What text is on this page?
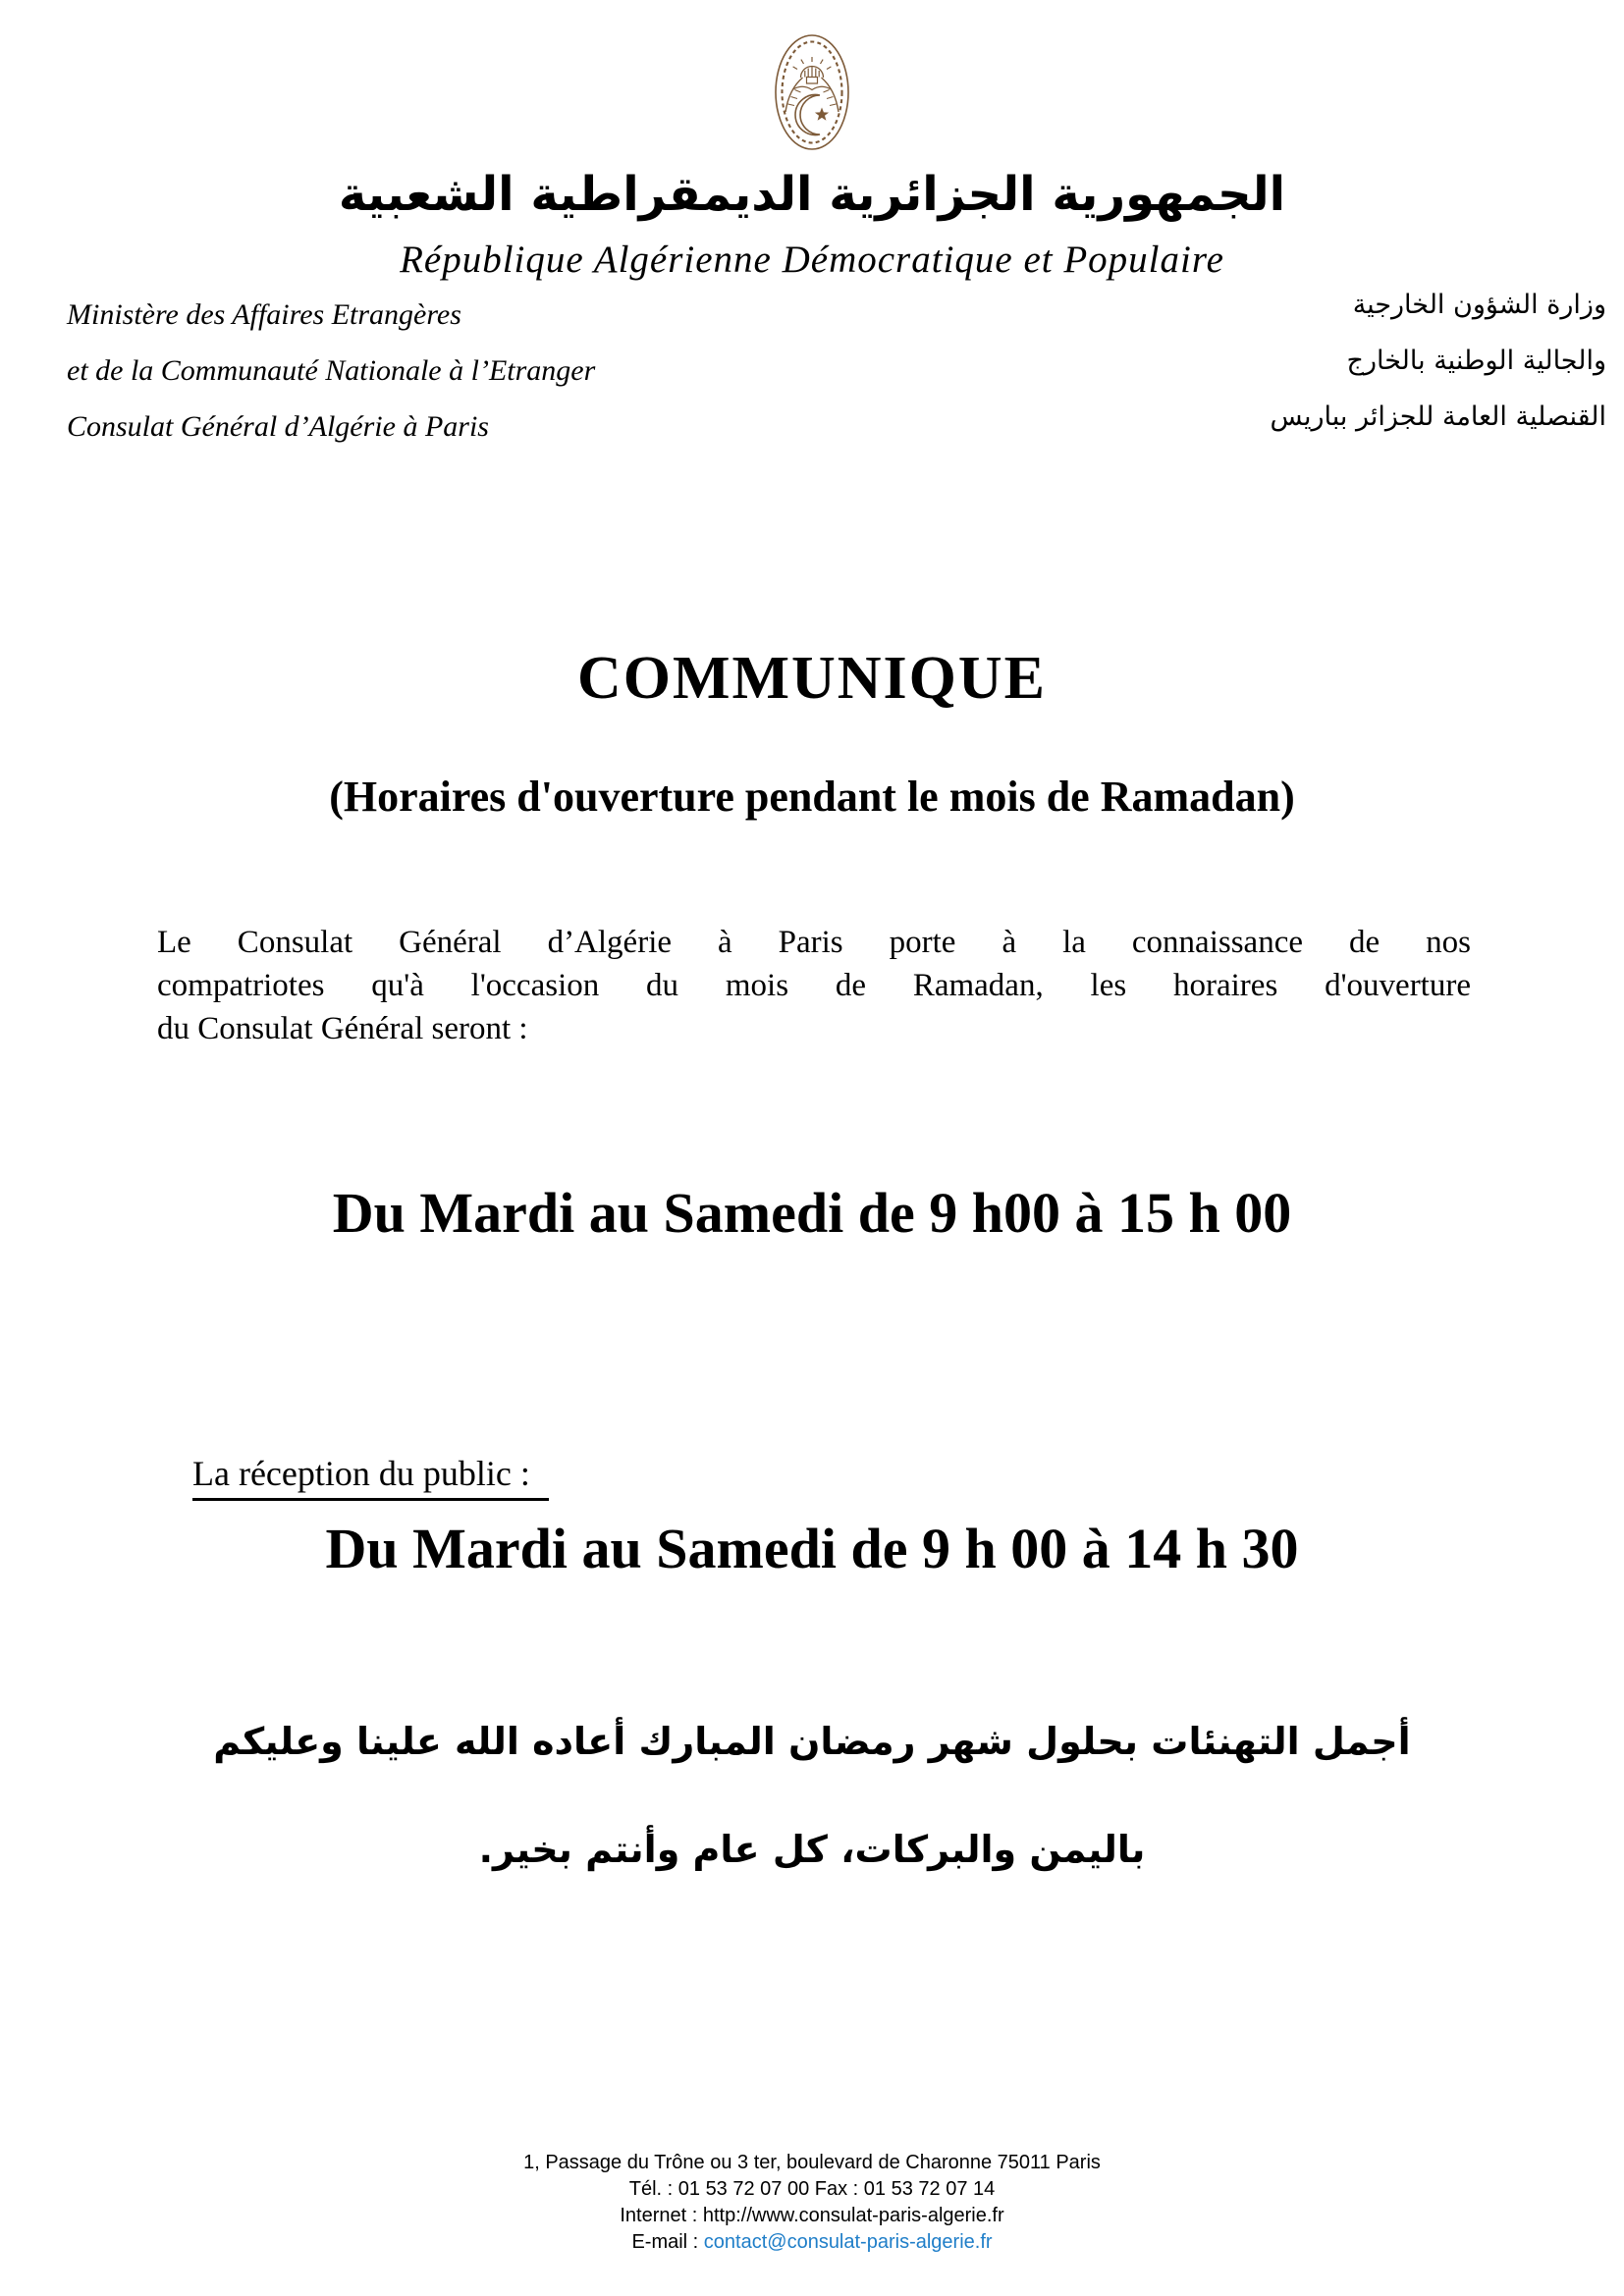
الجمهورية الجزائرية الديمقراطية الشعبية
République Algérienne Démocratique et Populaire
Ministère des Affaires Etrangères
et de la Communauté Nationale à l’Etranger
Consulat Général d’Algérie à Paris
وزارة الشؤون الخارجية
والجالية الوطنية بالخارج
القنصلية العامة للجزائر بباريس
COMMUNIQUE
(Horaires d'ouverture pendant le mois de Ramadan)
Le Consulat Général d’Algérie à Paris porte à la connaissance de nos
compatriotes qu'à l'occasion du mois de Ramadan, les horaires d'ouverture
du Consulat Général seront :
Du Mardi au Samedi de 9 h00 à 15 h 00

La réception du public :

Du Mardi au Samedi de 9 h 00 à 14 h 30
أجمل التهنئات بحلول شهر رمضان المبارك أعاده الله علينا وعليكم
باليمن والبركات، كل عام وأنتم بخير.
1, Passage du Trône ou 3 ter, boulevard de Charonne 75011 Paris
Tél. : 01 53 72 07 00 Fax : 01 53 72 07 14
Internet : http://www.consulat-paris-algerie.fr
E-mail : contact@consulat-paris-algerie.fr
